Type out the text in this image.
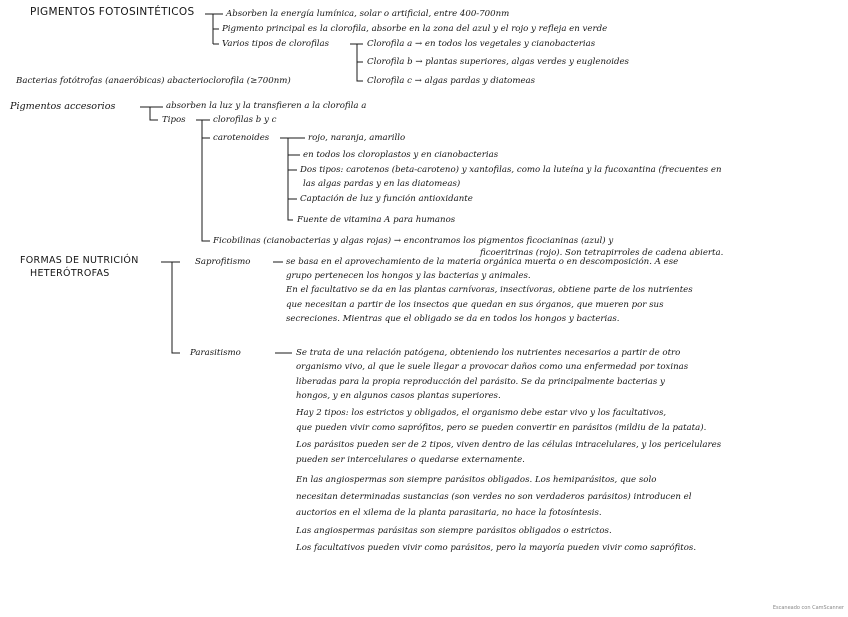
PIGMENTOS FOTOSINTÉTICOS	Absorben la energía lumínica, solar o artificial, entre 400-700nm
Pigmento principal es la clorofila, absorbe en la zona del azul y el rojo y refleja en verde
Varios tipos de clorofilas	Clorofila a → en todos los vegetales y cianobacterias
Clorofila b → plantas superiores, algas verdes y euglenoides
Bacterias fotótrofas (anaeróbicas) abacterioclorofila (≥700nm)	Clorofila c → algas pardas y diatomeas
Pigmentos accesorios	absorben la luz y la transfieren a la clorofila a
Tipos	clorofilas b y c
carotenoides	rojo, naranja, amarillo
en todos los cloroplastos y en cianobacterias
Dos tipos: carotenos (beta-caroteno) y xantofilas, como la luteína y la fucoxantina (frecuentes en
las algas pardas y en las diatomeas)
Captación de luz y función antioxidante
Fuente de vitamina A para humanos
Ficobilinas (cianobacterias y algas rojas) → encontramos los pigmentos ficocianinas (azul) y
ficoeritrinas (rojo). Son tetrapirroles de cadena abierta.
FORMAS DE NUTRICIÓN
HETERÓTROFAS
Saprofitismo	se basa en el aprovechamiento de la materia orgánica muerta o en descomposición. A ese
grupo pertenecen los hongos y las bacterias y animales.
En el facultativo se da en las plantas carnívoras, insectívoras, obtiene parte de los nutrientes
que necesitan a partir de los insectos que quedan en sus órganos, que mueren por sus
secreciones. Mientras que el obligado se da en todos los hongos y bacterias.
Parasitismo	Se trata de una relación patógena, obteniendo los nutrientes necesarios a partir de otro
organismo vivo, al que le suele llegar a provocar daños como una enfermedad por toxinas
liberadas para la propia reproducción del parásito. Se da principalmente bacterias y
hongos, y en algunos casos plantas superiores.
Hay 2 tipos: los estrictos y obligados, el organismo debe estar vivo y los facultativos,
que pueden vivir como saprófitos, pero se pueden convertir en parásitos (mildiu de la patata).
Los parásitos pueden ser de 2 tipos, viven dentro de las células intracelulares, y los pericelulares
pueden ser intercelulares o quedarse externamente.
En las angiospermas son siempre parásitos obligados. Los hemiparásitos, que solo
necesitan determinadas sustancias (son verdes no son verdaderos parásitos) introducen el
auctorios en el xilema de la planta parasitaria, no hace la fotosíntesis.
Las angiospermas parásitas son siempre parásitos obligados o estrictos.
Los facultativos pueden vivir como parásitos, pero la mayoría pueden vivir como saprófitos.
Escaneado con CamScanner
